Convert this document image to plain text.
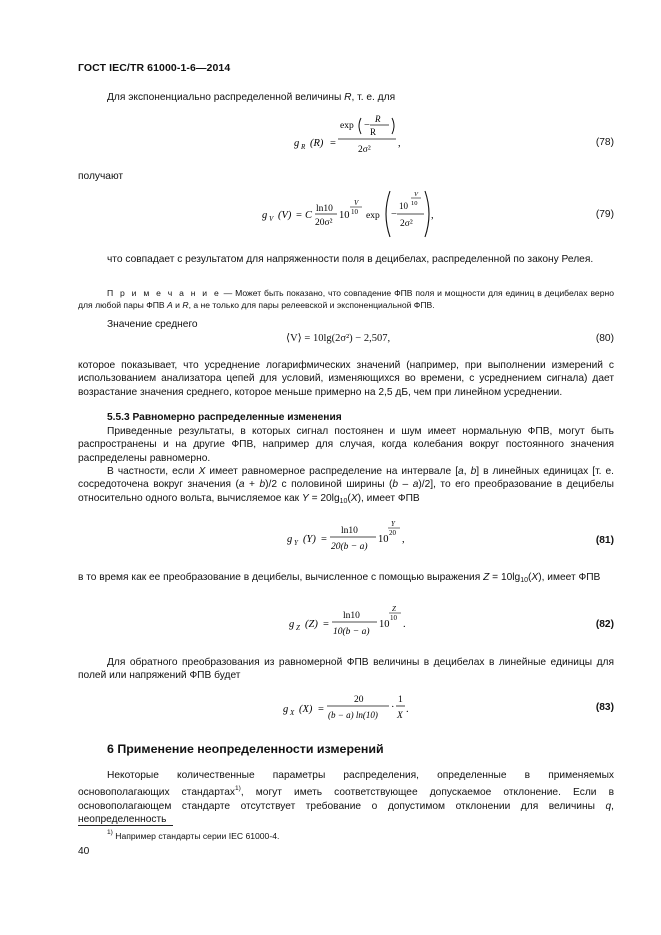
ГОСТ IEC/TR 61000-1-6—2014
Для экспоненциально распределенной величины R, т. е. для
g R (R) =
exp −
R
R
2σ²
,	(78)
получают
g V (V) = C
ln10
20σ²
10
V
10 exp −
10
V
10
2σ²
,	(79)
что совпадает с результатом для напряженности поля в децибелах, распределенной по закону Релея.
П р и м е ч а н и е — Может быть показано, что совпадение ФПВ поля и мощности для единиц в децибелах верно для любой пары ФПВ A и R, а не только для пары релеевской и экспоненциальной ФПВ.
Значение среднего
⟨V⟩ = 10lg(2σ²) − 2,507,	(80)
которое показывает, что усреднение логарифмических значений (например, при выполнении измерений с использованием анализатора цепей для условий, изменяющихся во времени, с усреднением сигнала) дает возрастание значения среднего, которое меньше примерно на 2,5 дБ, чем при линейном усреднении.
5.5.3 Равномерно распределенные изменения
Приведенные результаты, в которых сигнал постоянен и шум имеет нормальную ФПВ, могут быть распространены и на другие ФПВ, например для случая, когда колебания вокруг постоянного значения распределены равномерно.
В частности, если X имеет равномерное распределение на интервале [a, b] в линейных единицах [т. е. сосредоточена вокруг значения (a + b)/2 с половиной ширины (b – a)/2], то его преобразование в децибелы относительно одного вольта, вычисляемое как $Y = 20\lg_{10}(X)$, имеет ФПВ
g Y (Y) =
ln10
20(b − a)
10
Y
20
,	(81)
в то время как ее преобразование в децибелы, вычисленное с помощью выражения $Z = 10\lg_{10}(X)$, имеет ФПВ
g Z (Z) =
ln10
10(b − a)
10
Z
10
.	(82)
Для обратного преобразования из равномерной ФПВ величины в децибелах в линейные единицы для полей или напряжений ФПВ будет
g X (X) =
20
(b − a) ln(10)
·
1
X
.	(83)
6 Применение неопределенности измерений
Некоторые количественные параметры распределения, определенные в применяемых основополагающих стандартах$^{1)}$, могут иметь соответствующее допускаемое отклонение. Если в основополагающем стандарте отсутствует требование о допустимом отклонении для величины q, неопределенность
$^{1)}$ Например стандарты серии IEC 61000-4.
40
